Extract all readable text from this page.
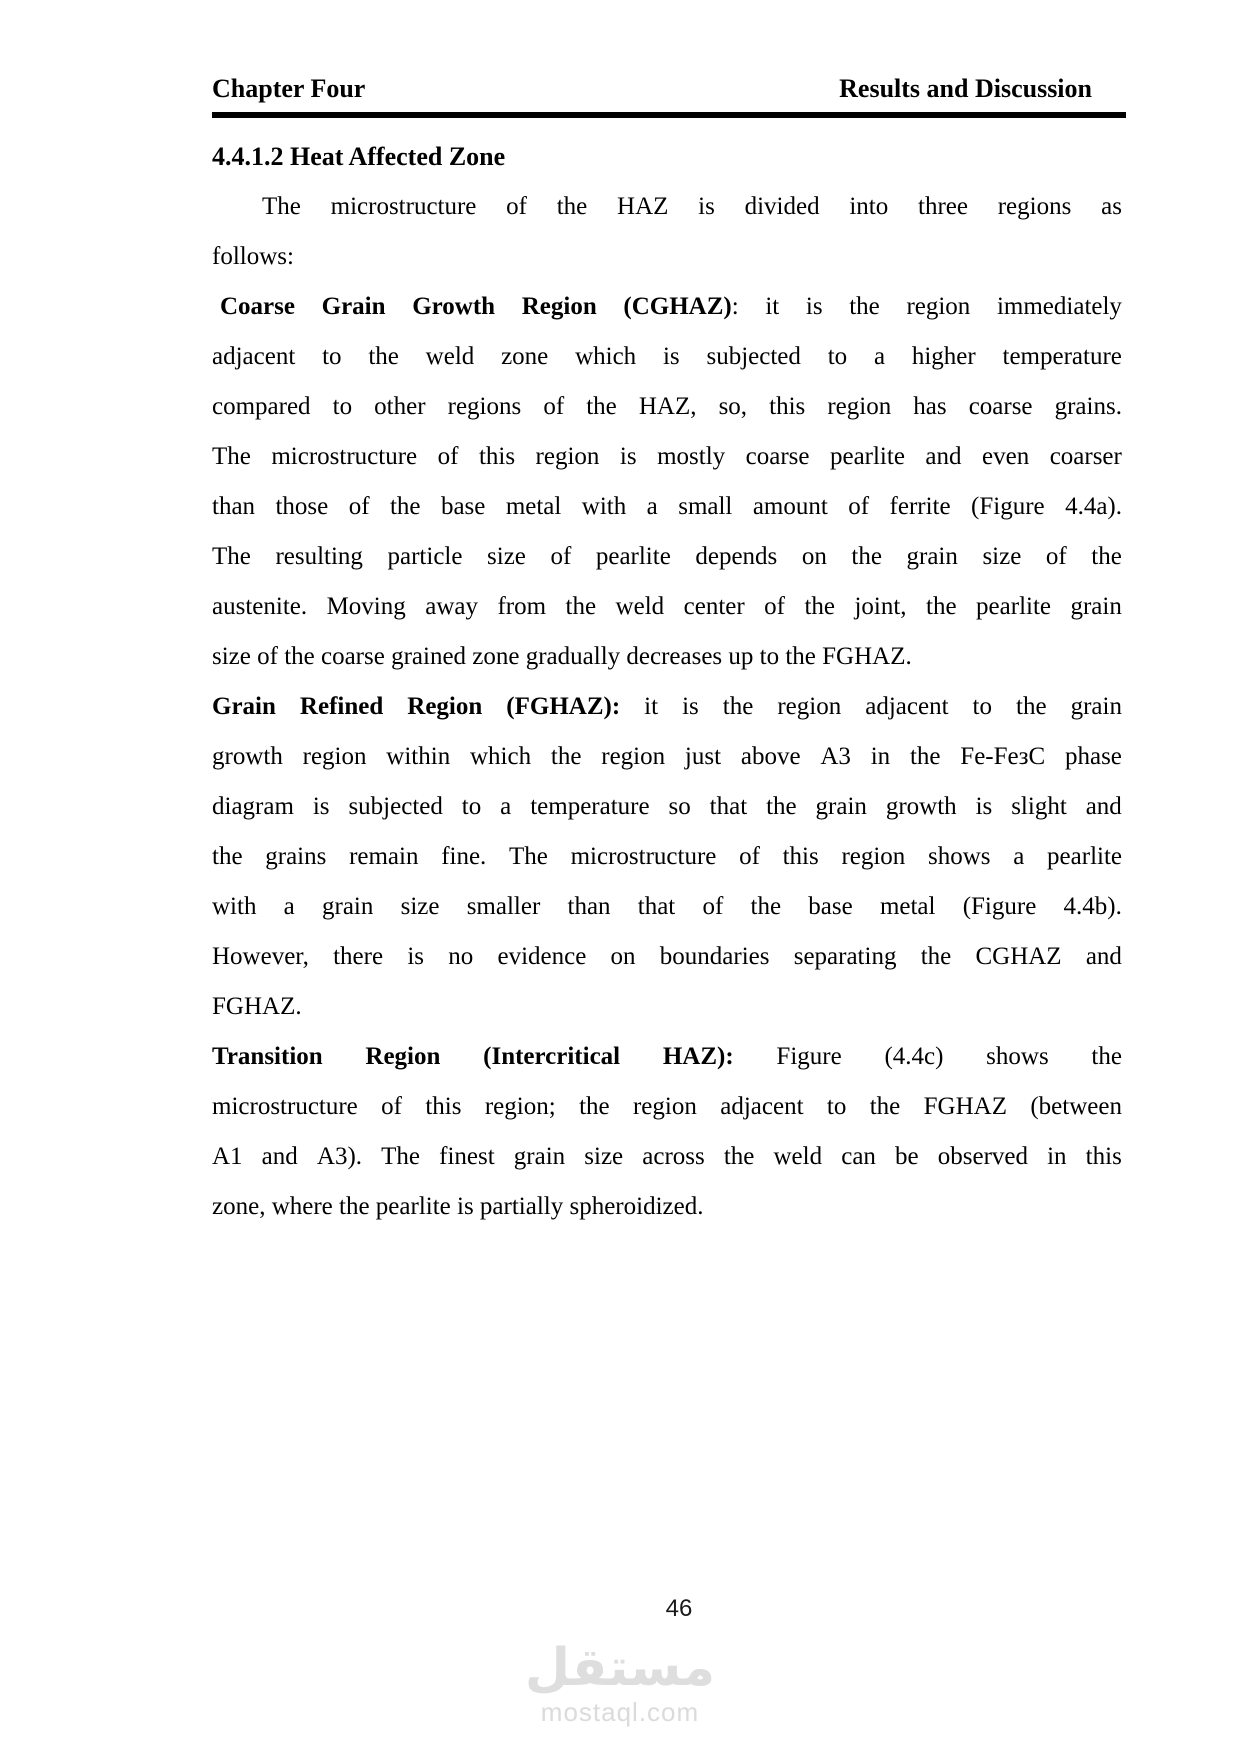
Chapter Four	Results and Discussion
4.4.1.2 Heat Affected Zone
The microstructure of the HAZ is divided into three regions as
follows:
Coarse Grain Growth Region (CGHAZ): it is the region immediately
adjacent to the weld zone which is subjected to a higher temperature
compared to other regions of the HAZ, so, this region has coarse grains.
The microstructure of this region is mostly coarse pearlite and even coarser
than those of the base metal with a small amount of ferrite (Figure 4.4a).
The resulting particle size of pearlite depends on the grain size of the
austenite. Moving away from the weld center of the joint, the pearlite grain
size of the coarse grained zone gradually decreases up to the FGHAZ.
Grain Refined Region (FGHAZ): it is the region adjacent to the grain
growth region within which the region just above A3 in the Fe-FeзC phase
diagram is subjected to a temperature so that the grain growth is slight and
the grains remain fine. The microstructure of this region shows a pearlite
with a grain size smaller than that of the base metal (Figure 4.4b).
However, there is no evidence on boundaries separating the CGHAZ and
FGHAZ.
Transition Region (Intercritical HAZ): Figure (4.4c) shows the
microstructure of this region; the region adjacent to the FGHAZ (between
A1 and A3). The finest grain size across the weld can be observed in this
zone, where the pearlite is partially spheroidized.
46
مستقل
mostaql.com
